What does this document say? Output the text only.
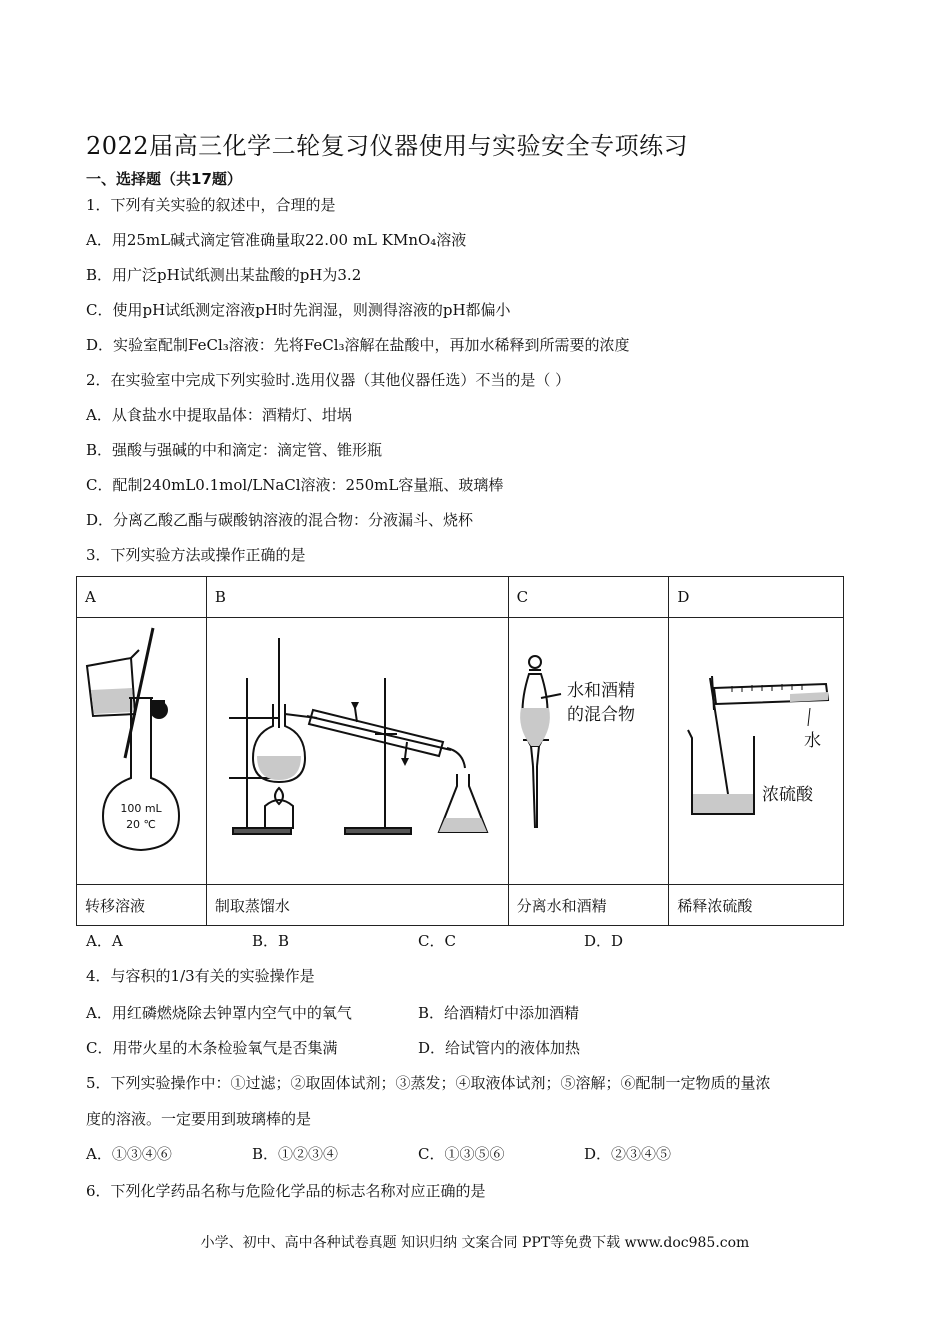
2022届高三化学二轮复习仪器使用与实验安全专项练习
一、选择题（共17题）
1．下列有关实验的叙述中，合理的是
A．用25mL碱式滴定管准确量取22.00 mL KMnO₄溶液
B．用广泛pH试纸测出某盐酸的pH为3.2
C．使用pH试纸测定溶液pH时先润湿，则测得溶液的pH都偏小
D．实验室配制FeCl₃溶液：先将FeCl₃溶解在盐酸中，再加水稀释到所需要的浓度
2．在实验室中完成下列实验时.选用仪器（其他仪器任选）不当的是（ ）
A．从食盐水中提取晶体：酒精灯、坩埚
B．强酸与强碱的中和滴定：滴定管、锥形瓶
C．配制240mL0.1mol/LNaCl溶液：250mL容量瓶、玻璃棒
D．分离乙酸乙酯与碳酸钠溶液的混合物：分液漏斗、烧杯
3．下列实验方法或操作正确的是
A	B	C	D

100 mL
20 ℃		水和酒精
的混合物	水
浓硫酸

转移溶液	制取蒸馏水	分离水和酒精	稀释浓硫酸
A．A	B．B	C．C	D．D
4．与容积的1/3有关的实验操作是
A．用红磷燃烧除去钟罩内空气中的氧气	B．给酒精灯中添加酒精
C．用带火星的木条检验氧气是否集满	D．给试管内的液体加热
5．下列实验操作中：①过滤；②取固体试剂；③蒸发；④取液体试剂；⑤溶解；⑥配制一定物质的量浓
度的溶液。一定要用到玻璃棒的是
A．①③④⑥	B．①②③④	C．①③⑤⑥	D．②③④⑤
6．下列化学药品名称与危险化学品的标志名称对应正确的是
小学、初中、高中各种试卷真题 知识归纳 文案合同 PPT等免费下载 www.doc985.com
